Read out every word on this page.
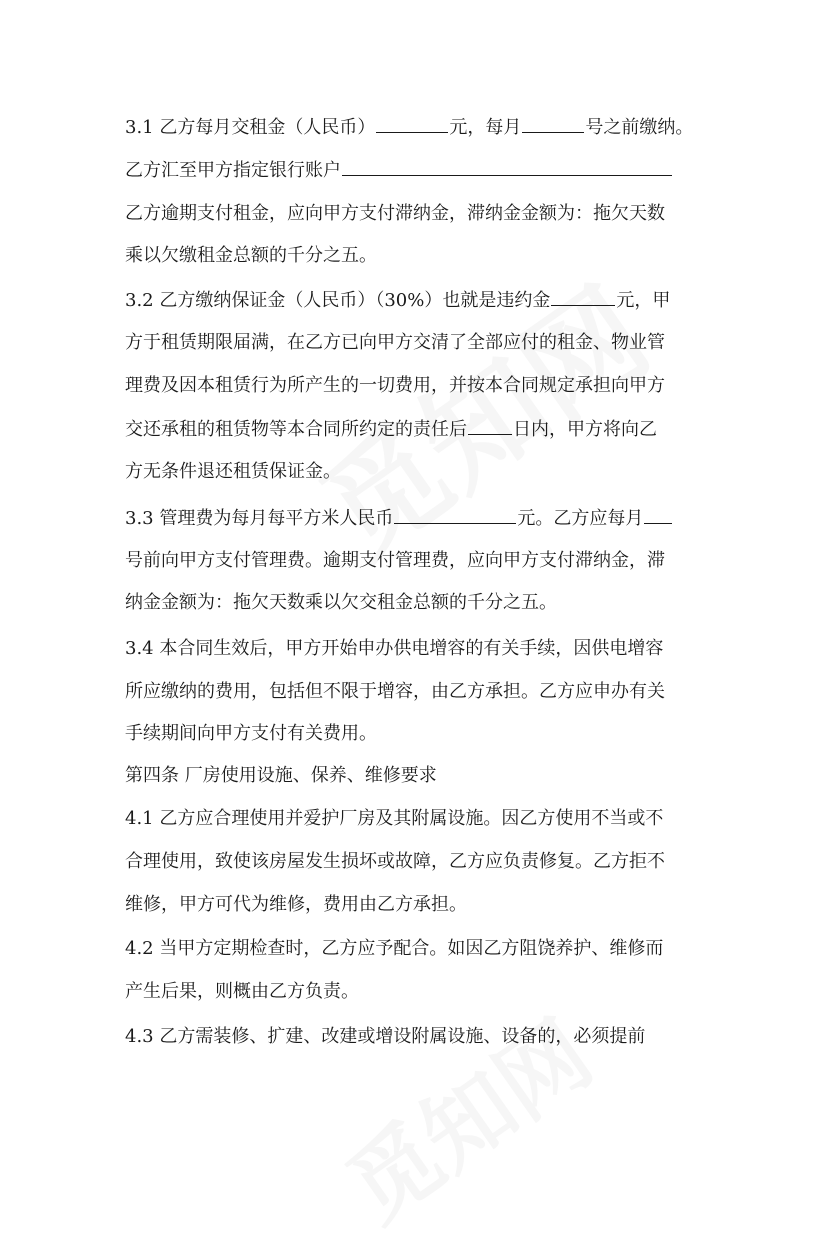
3.1 乙方每月交租金（人民币）	元，每月	号之前缴纳。
乙方汇至甲方指定银行账户
乙方逾期支付租金，应向甲方支付滞纳金，滞纳金金额为：拖欠天数
乘以欠缴租金总额的千分之五。
3.2 乙方缴纳保证金（人民币）（30%）也就是违约金	元，甲
方于租赁期限届满，在乙方已向甲方交清了全部应付的租金、物业管
理费及因本租赁行为所产生的一切费用，并按本合同规定承担向甲方
交还承租的租赁物等本合同所约定的责任后	日内，甲方将向乙
方无条件退还租赁保证金。
3.3 管理费为每月每平方米人民币	元。乙方应每月
号前向甲方支付管理费。逾期支付管理费，应向甲方支付滞纳金，滞
纳金金额为：拖欠天数乘以欠交租金总额的千分之五。
3.4 本合同生效后，甲方开始申办供电增容的有关手续，因供电增容
所应缴纳的费用，包括但不限于增容，由乙方承担。乙方应申办有关
手续期间向甲方支付有关费用。
第四条 厂房使用设施、保养、维修要求
4.1 乙方应合理使用并爱护厂房及其附属设施。因乙方使用不当或不
合理使用，致使该房屋发生损坏或故障，乙方应负责修复。乙方拒不
维修，甲方可代为维修，费用由乙方承担。
4.2 当甲方定期检查时，乙方应予配合。如因乙方阻饶养护、维修而
产生后果，则概由乙方负责。
4.3 乙方需装修、扩建、改建或增设附属设施、设备的，必须提前
